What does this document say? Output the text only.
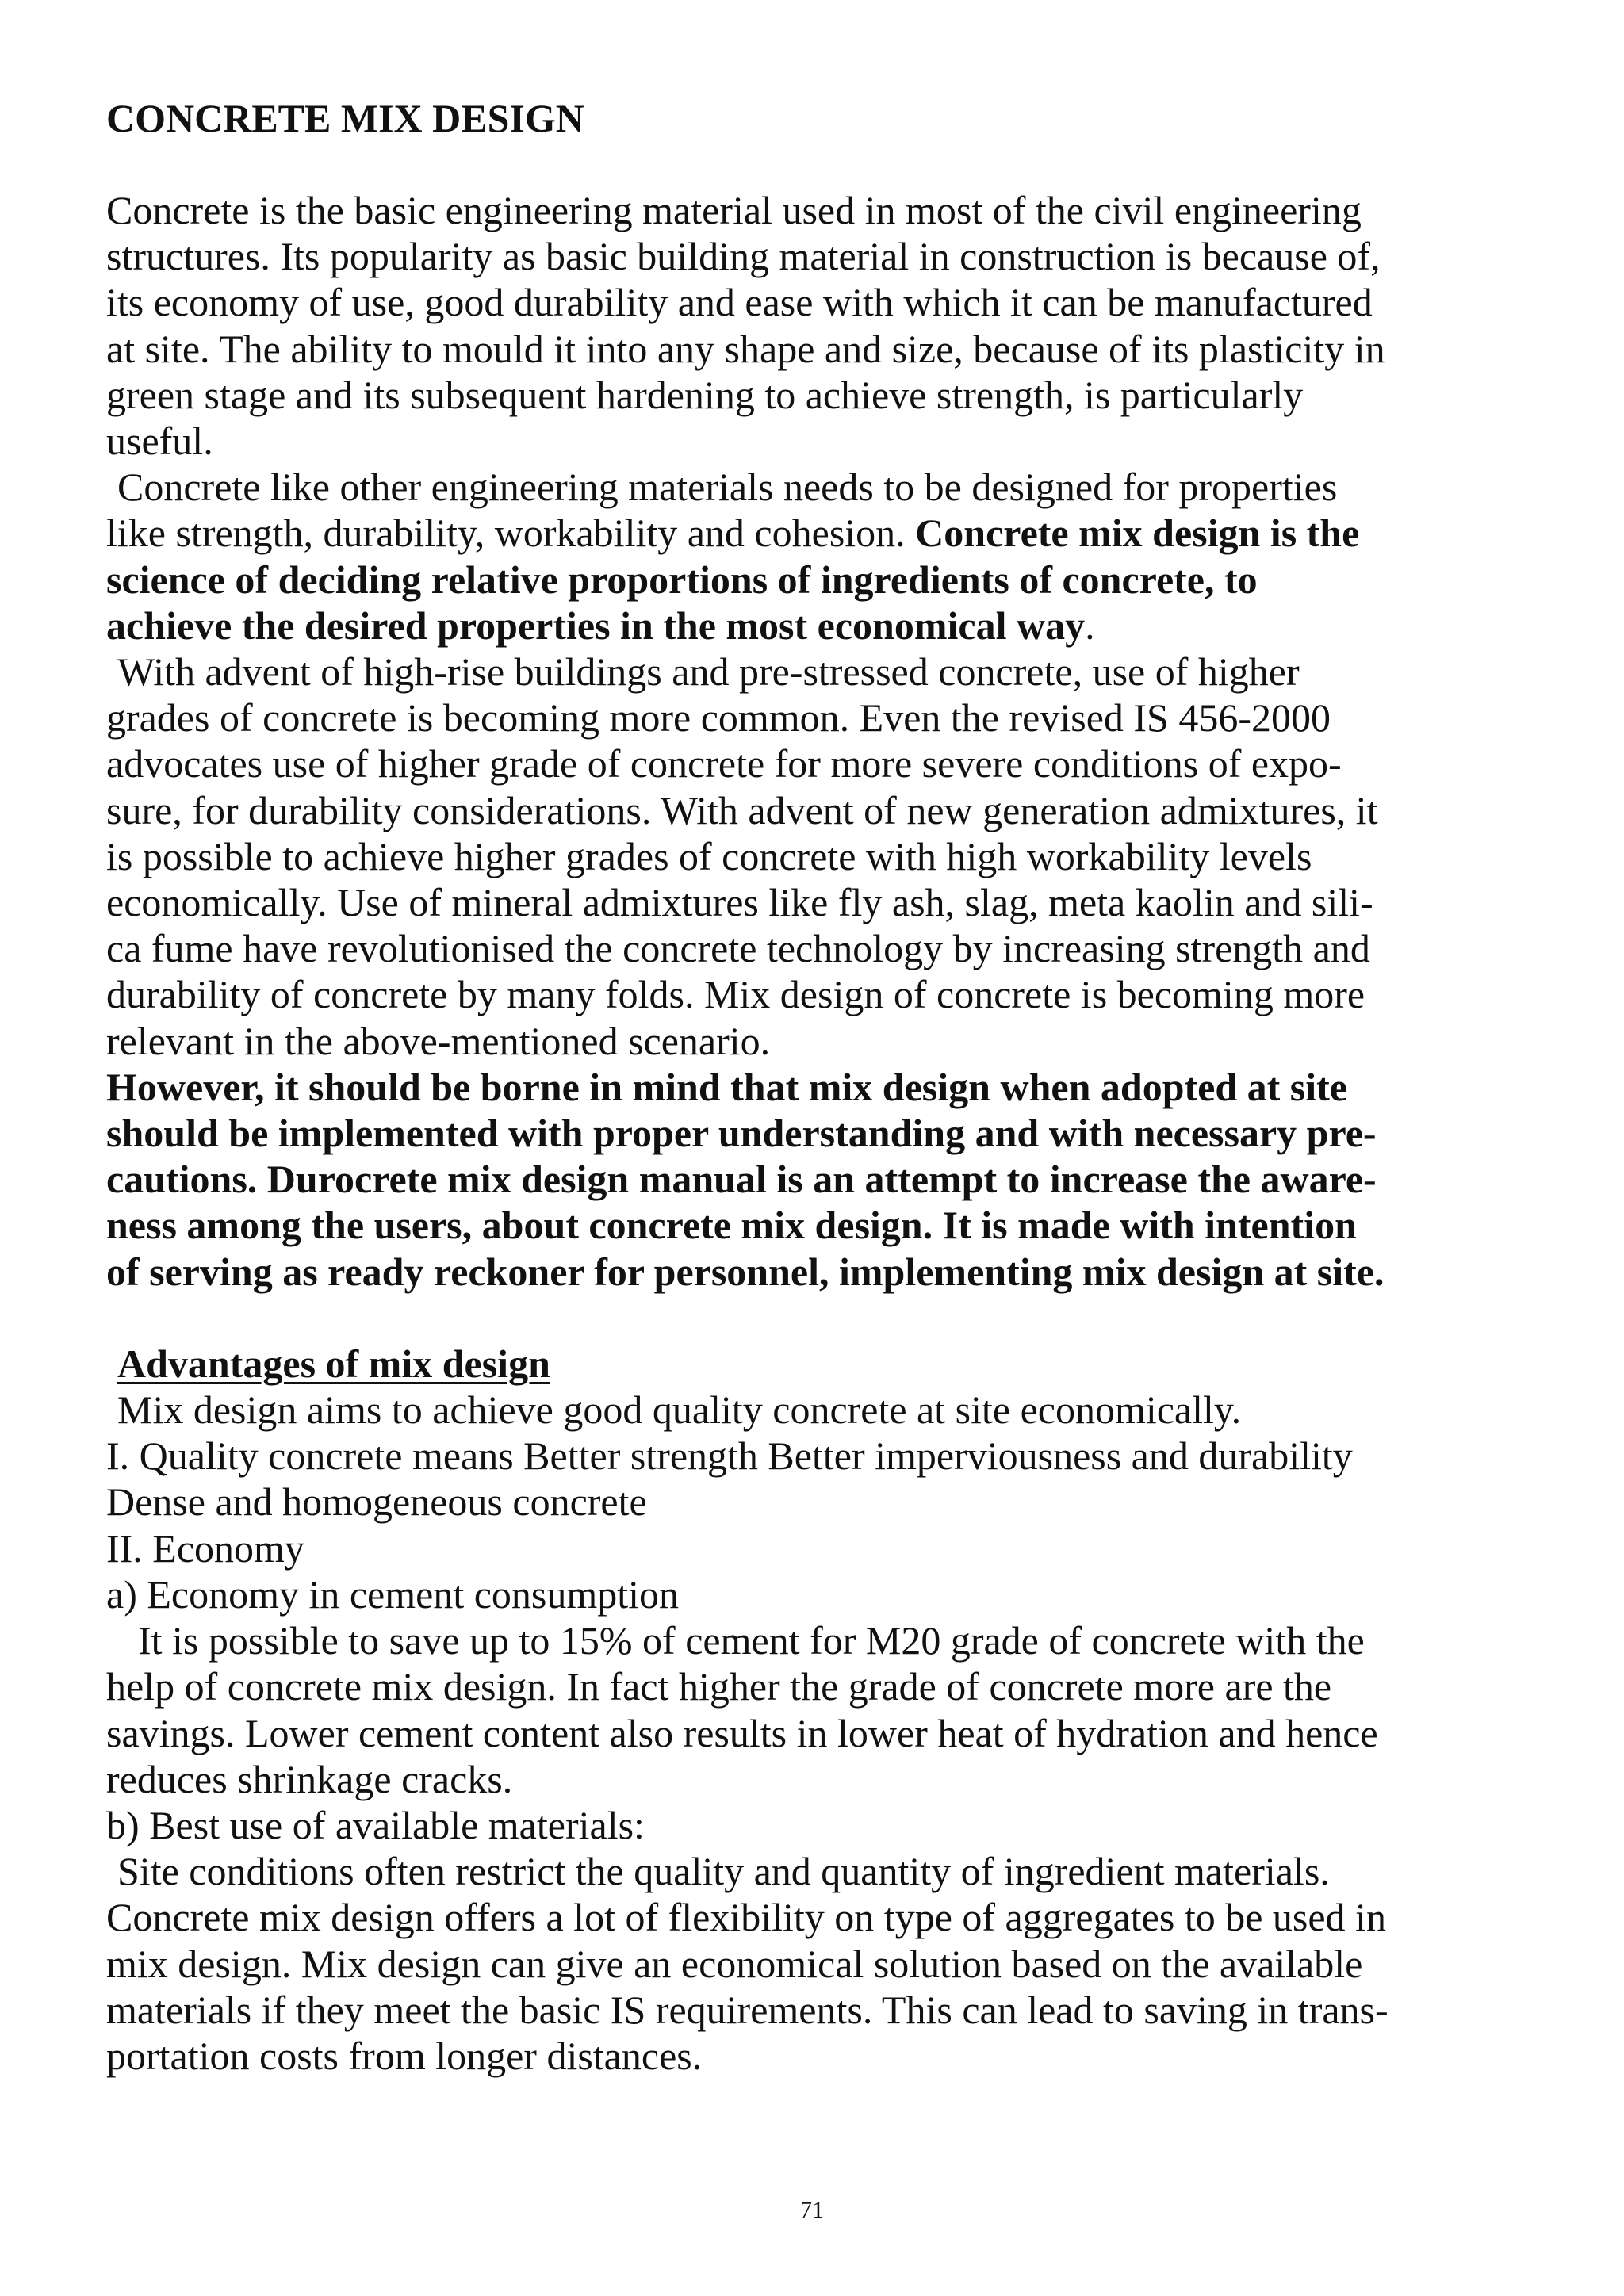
CONCRETE MIX DESIGN
Concrete is the basic engineering material used in most of the civil engineering
structures. Its popularity as basic building material in construction is because of,
its economy of use, good durability and ease with which it can be manufactured
at site. The ability to mould it into any shape and size, because of its plasticity in
green stage and its subsequent hardening to achieve strength, is particularly
useful.
Concrete like other engineering materials needs to be designed for properties
like strength, durability, workability and cohesion. Concrete mix design is the
science of deciding relative proportions of ingredients of concrete, to
achieve the desired properties in the most economical way.
With advent of high-rise buildings and pre-stressed concrete, use of higher
grades of concrete is becoming more common. Even the revised IS 456-2000
advocates use of higher grade of concrete for more severe conditions of expo-
sure, for durability considerations. With advent of new generation admixtures, it
is possible to achieve higher grades of concrete with high workability levels
economically. Use of mineral admixtures like fly ash, slag, meta kaolin and sili-
ca fume have revolutionised the concrete technology by increasing strength and
durability of concrete by many folds. Mix design of concrete is becoming more
relevant in the above-mentioned scenario.
However, it should be borne in mind that mix design when adopted at site
should be implemented with proper understanding and with necessary pre-
cautions. Durocrete mix design manual is an attempt to increase the aware-
ness among the users, about concrete mix design. It is made with intention
of serving as ready reckoner for personnel, implementing mix design at site.
Advantages of mix design
Mix design aims to achieve good quality concrete at site economically.
I. Quality concrete means Better strength Better imperviousness and durability
Dense and homogeneous concrete
II. Economy
a) Economy in cement consumption
It is possible to save up to 15% of cement for M20 grade of concrete with the
help of concrete mix design. In fact higher the grade of concrete more are the
savings. Lower cement content also results in lower heat of hydration and hence
reduces shrinkage cracks.
b) Best use of available materials:
Site conditions often restrict the quality and quantity of ingredient materials.
Concrete mix design offers a lot of flexibility on type of aggregates to be used in
mix design. Mix design can give an economical solution based on the available
materials if they meet the basic IS requirements. This can lead to saving in trans-
portation costs from longer distances.
71
